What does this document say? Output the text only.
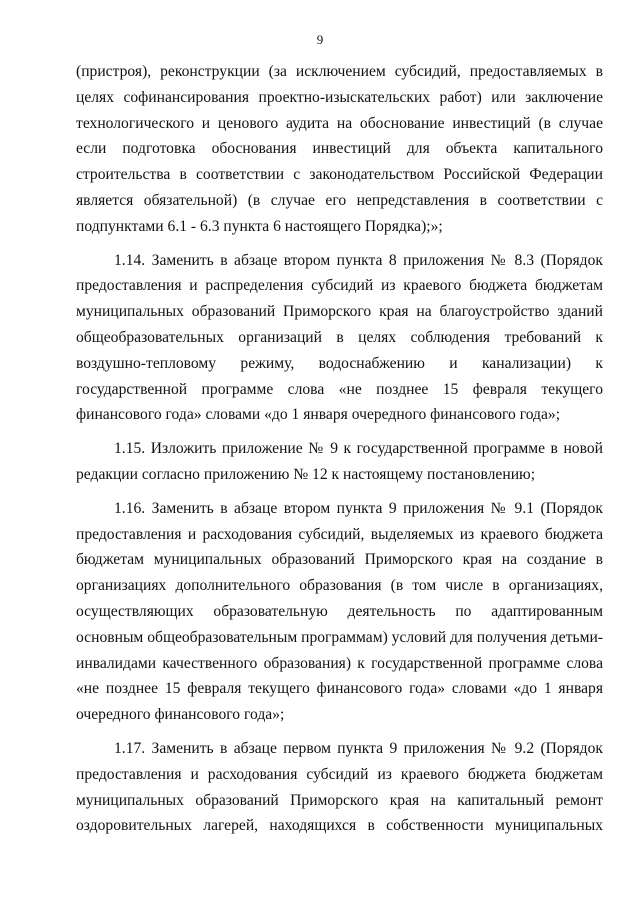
9

(пристроя), реконструкции (за исключением субсидий, предоставляемых в целях софинансирования проектно-изыскательских работ) или заключение технологического и ценового аудита на обоснование инвестиций (в случае если подготовка обоснования инвестиций для объекта капитального строительства в соответствии с законодательством Российской Федерации является обязательной) (в случае его непредставления в соответствии с подпунктами 6.1 - 6.3 пункта 6 настоящего Порядка);»;

1.14. Заменить в абзаце втором пункта 8 приложения № 8.3 (Порядок предоставления и распределения субсидий из краевого бюджета бюджетам муниципальных образований Приморского края на благоустройство зданий общеобразовательных организаций в целях соблюдения требований к воздушно-тепловому режиму, водоснабжению и канализации) к государственной программе слова «не позднее 15 февраля текущего финансового года» словами «до 1 января очередного финансового года»;

1.15. Изложить приложение № 9 к государственной программе в новой редакции согласно приложению № 12 к настоящему постановлению;

1.16. Заменить в абзаце втором пункта 9 приложения № 9.1 (Порядок предоставления и расходования субсидий, выделяемых из краевого бюджета бюджетам муниципальных образований Приморского края на создание в организациях дополнительного образования (в том числе в организациях, осуществляющих образовательную деятельность по адаптированным основным общеобразовательным программам) условий для получения детьми-инвалидами качественного образования) к государственной программе слова «не позднее 15 февраля текущего финансового года» словами «до 1 января очередного финансового года»;

1.17. Заменить в абзаце первом пункта 9 приложения № 9.2 (Порядок предоставления и расходования субсидий из краевого бюджета бюджетам муниципальных образований Приморского края на капитальный ремонт оздоровительных лагерей, находящихся в собственности муниципальных
